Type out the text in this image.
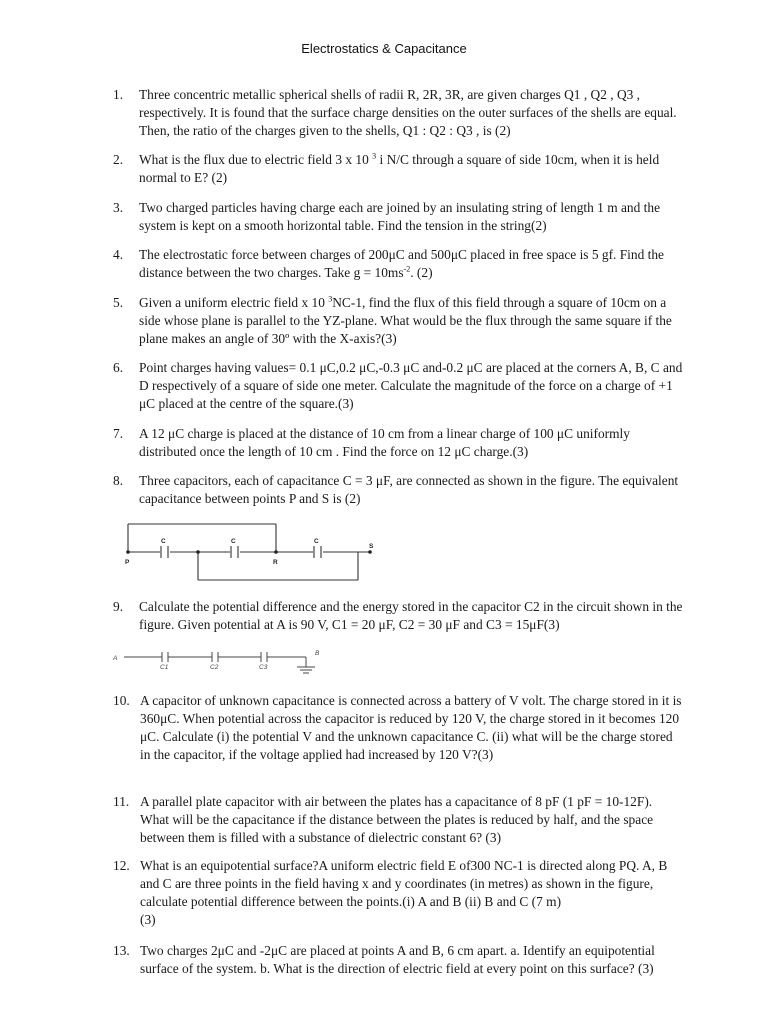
Electrostatics & Capacitance
1.	Three concentric metallic spherical shells of radii R, 2R, 3R, are given charges Q1 , Q2 , Q3 , respectively. It is found that the surface charge densities on the outer surfaces of the shells are equal. Then, the ratio of the charges given to the shells, Q1 : Q2 : Q3 , is (2)
2.	What is the flux due to electric field 3 x 10 $^3$ i N/C through a square of side 10cm, when it is held normal to E? (2)
3.	Two charged particles having charge each are joined by an insulating string of length 1 m and the system is kept on a smooth horizontal table. Find the tension in the string(2)
4.	The electrostatic force between charges of 200μC and 500μC placed in free space is 5 gf. Find the distance between the two charges. Take $g = 10ms^{-2}$. (2)
5.	Given a uniform electric field x 10 $^3$NC-1, find the flux of this field through a square of 10cm on a side whose plane is parallel to the YZ-plane. What would be the flux through the same square if the plane makes an angle of 30º with the X-axis?(3)
6.	Point charges having values= 0.1 μC,0.2 μC,-0.3 μC and-0.2 μC are placed at the corners A, B, C and D respectively of a square of side one meter. Calculate the magnitude of the force on a charge of +1 μC placed at the centre of the square.(3)
7.	A 12 μC charge is placed at the distance of 10 cm from a linear charge of 100 μC uniformly distributed once the length of 10 cm . Find the force on 12 μC charge.(3)
8.	Three capacitors, each of capacitance C = 3 μF, are connected as shown in the figure. The equivalent capacitance between points P and S is (2)
P	R
S
C	C	C
9.	Calculate the potential difference and the energy stored in the capacitor C2 in the circuit shown in the figure. Given potential at A is 90 V, C1 = 20 μF, C2 = 30 μF and C3 = 15μF(3)
A
B
C1	C2	C3
10. A capacitor of unknown capacitance is connected across a battery of V volt. The charge stored in it is 360μC. When potential across the capacitor is reduced by 120 V, the charge stored in it becomes 120 μC. Calculate (i) the potential V and the unknown capacitance C. (ii) what will be the charge stored in the capacitor, if the voltage applied had increased by 120 V?(3)
11. A parallel plate capacitor with air between the plates has a capacitance of 8 pF (1 pF = 10-12F). What will be the capacitance if the distance between the plates is reduced by half, and the space between them is filled with a substance of dielectric constant 6? (3)
12. What is an equipotential surface?A uniform electric field E of300 NC-1 is directed along PQ. A, B and C are three points in the field having x and y coordinates (in metres) as shown in the figure, calculate potential difference between the points.(i) A and B (ii) B and C (7 m)
(3)
13. Two charges 2μC and -2μC are placed at points A and B, 6 cm apart. a. Identify an equipotential surface of the system. b. What is the direction of electric field at every point on this surface? (3)
